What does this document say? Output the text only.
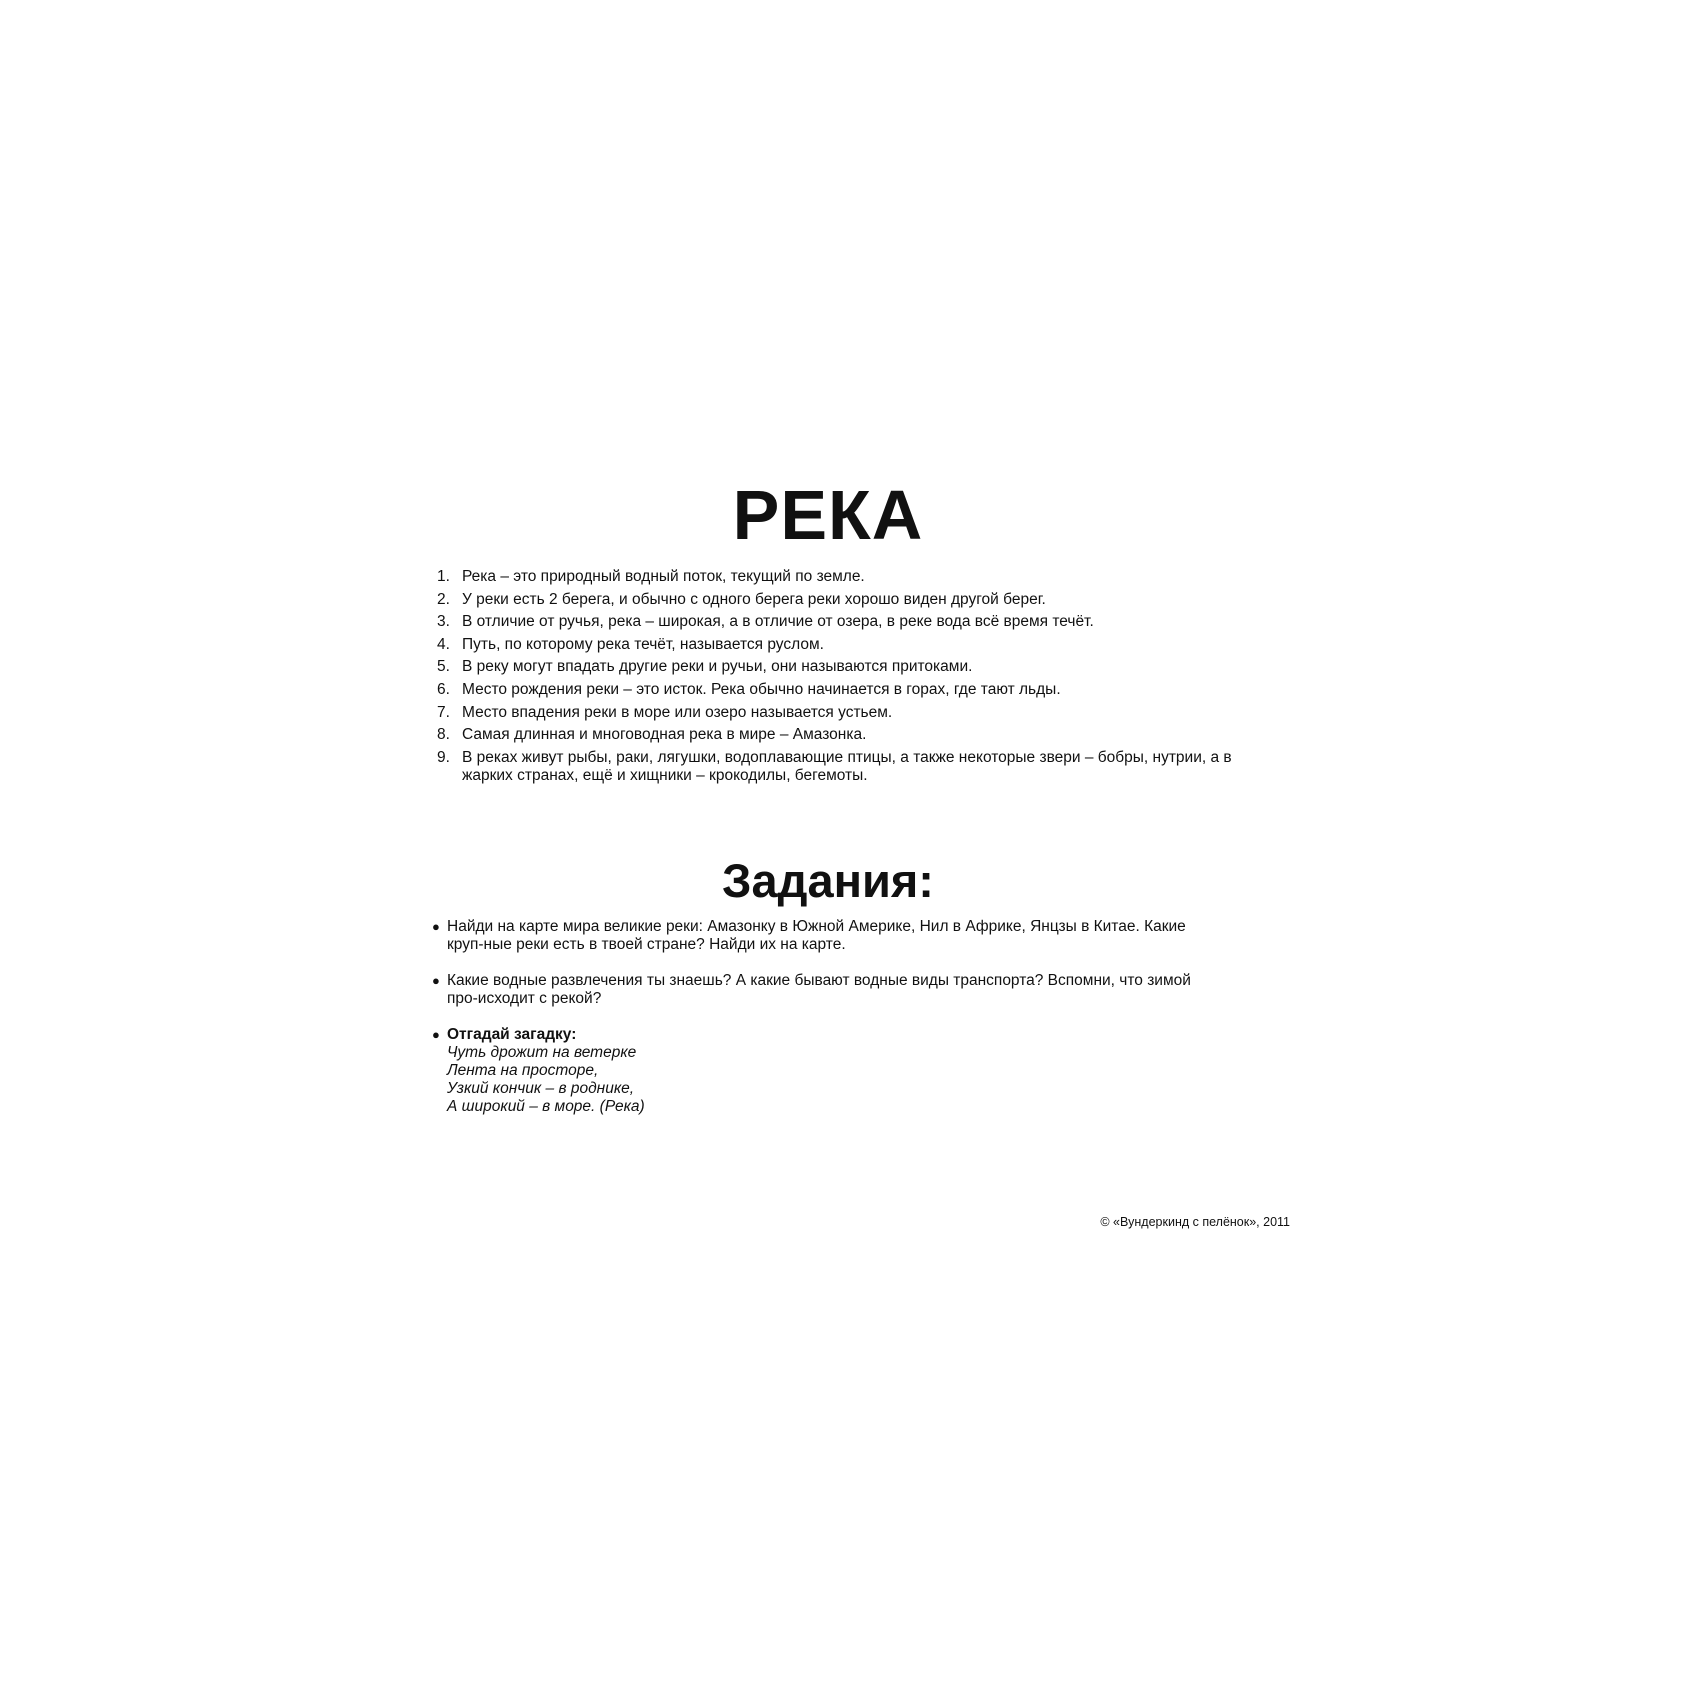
РЕКА
1. Река – это природный водный поток, текущий по земле.
2. У реки есть 2 берега, и обычно с одного берега реки хорошо виден другой берег.
3. В отличие от ручья, река – широкая, а в отличие от озера, в реке вода всё время течёт.
4. Путь, по которому река течёт, называется руслом.
5. В реку могут впадать другие реки и ручьи, они называются притоками.
6. Место рождения реки – это исток. Река обычно начинается в горах, где тают льды.
7. Место впадения реки в море или озеро называется устьем.
8. Самая длинная и многоводная река в мире – Амазонка.
9. В реках живут рыбы, раки, лягушки, водоплавающие птицы, а также некоторые звери – бобры, нутрии, а в жарких странах, ещё и хищники – крокодилы, бегемоты.
Задания:
● Найди на карте мира великие реки: Амазонку в Южной Америке, Нил в Африке, Янцзы в Китае. Какие круп-ные реки есть в твоей стране? Найди их на карте.
● Какие водные развлечения ты знаешь? А какие бывают водные виды транспорта? Вспомни, что зимой про-исходит с рекой?
● Отгадай загадку:
Чуть дрожит на ветерке
Лента на просторе,
Узкий кончик – в роднике,
А широкий – в море. (Река)
© «Вундеркинд с пелёнок», 2011
